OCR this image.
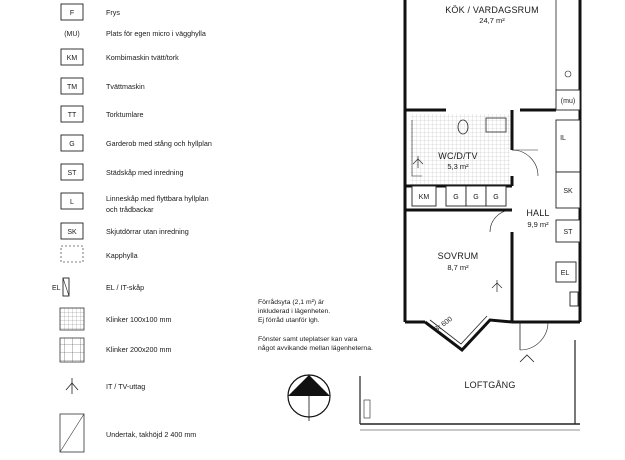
F	Frys
(MU)	Plats för egen micro i vägghylla
KM	Kombimaskin tvätt/tork
TM	Tvättmaskin
TT	Torktumlare
G	Garderob med stång och hyllplan
ST	Städskåp med inredning
L	Linneskåp med flyttbara hyllplan
och trådbackar
SK	Skjutdörrar utan inredning
Kapphylla
EL	EL / IT-skåp
Klinker 100x100 mm
Klinker 200x200 mm
IT / TV-uttag
Undertak, takhöjd 2 400 mm
Förrådsyta (2,1 m²) är
inkluderad i lägenheten.
Ej förråd utanför lgh.
Fönster samt uteplatser kan vara
något avvikande mellan lägenheterna.
KÖK / VARDAGSRUM
24,7 m²
WC/D/TV
5,3 m²
HALL
9,9 m²
SOVRUM
8,7 m²
LOFTGÅNG
(mu)
IL
SK
ST
EL
KM	G G G
Br 600
